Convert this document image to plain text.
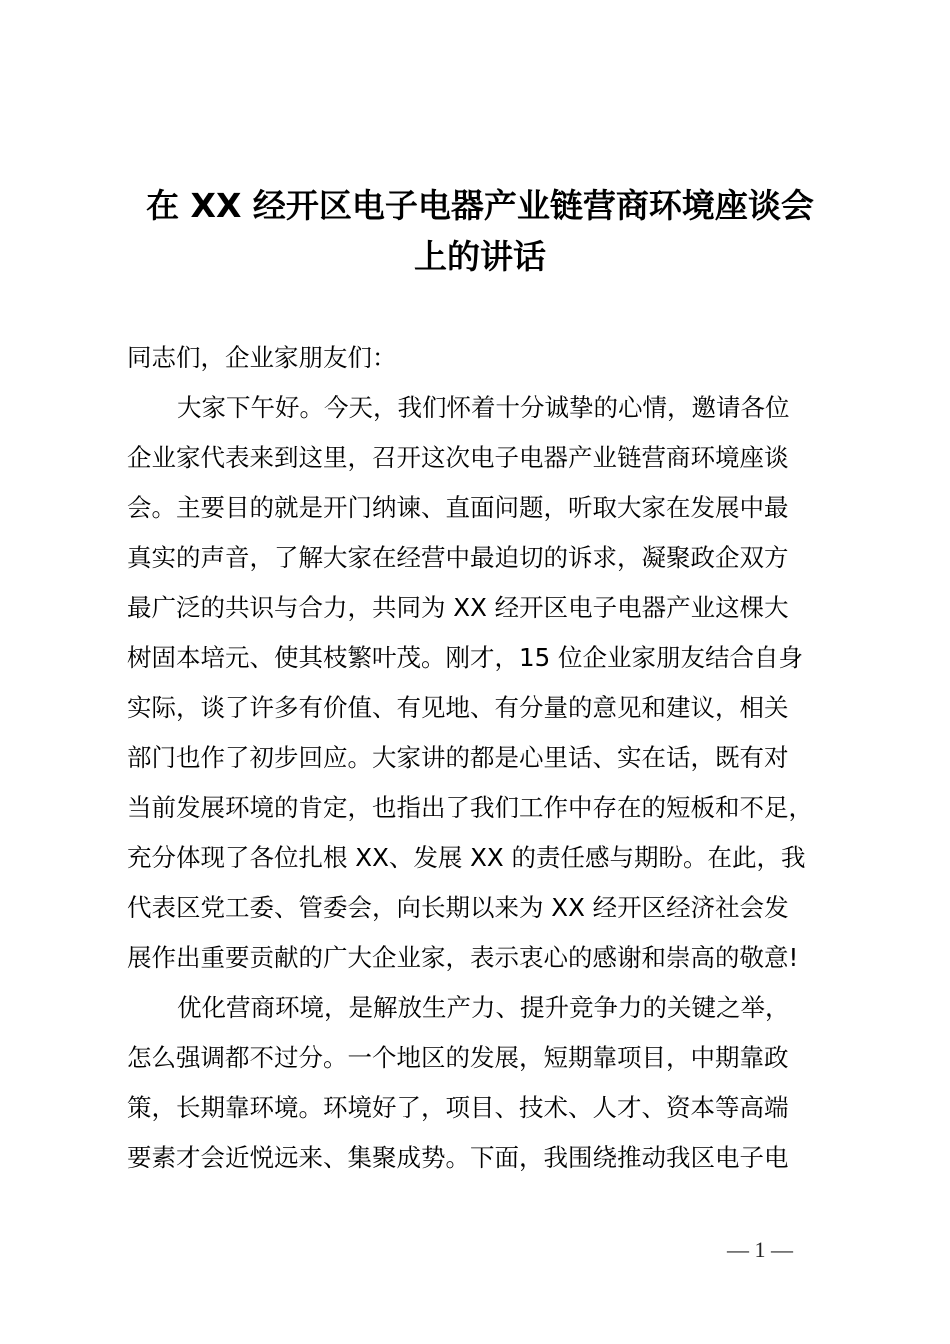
在 XX 经开区电子电器产业链营商环境座谈会
上的讲话
同志们，企业家朋友们：
大家下午好。今天，我们怀着十分诚挚的心情，邀请各位
企业家代表来到这里，召开这次电子电器产业链营商环境座谈
会。主要目的就是开门纳谏、直面问题，听取大家在发展中最
真实的声音，了解大家在经营中最迫切的诉求，凝聚政企双方
最广泛的共识与合力，共同为 XX 经开区电子电器产业这棵大
树固本培元、使其枝繁叶茂。刚才，15 位企业家朋友结合自身
实际，谈了许多有价值、有见地、有分量的意见和建议，相关
部门也作了初步回应。大家讲的都是心里话、实在话，既有对
当前发展环境的肯定，也指出了我们工作中存在的短板和不足，
充分体现了各位扎根 XX、发展 XX 的责任感与期盼。在此，我
代表区党工委、管委会，向长期以来为 XX 经开区经济社会发
展作出重要贡献的广大企业家，表示衷心的感谢和崇高的敬意!
优化营商环境，是解放生产力、提升竞争力的关键之举，
怎么强调都不过分。一个地区的发展，短期靠项目，中期靠政
策，长期靠环境。环境好了，项目、技术、人才、资本等高端
要素才会近悦远来、集聚成势。下面，我围绕推动我区电子电
— 1 —
